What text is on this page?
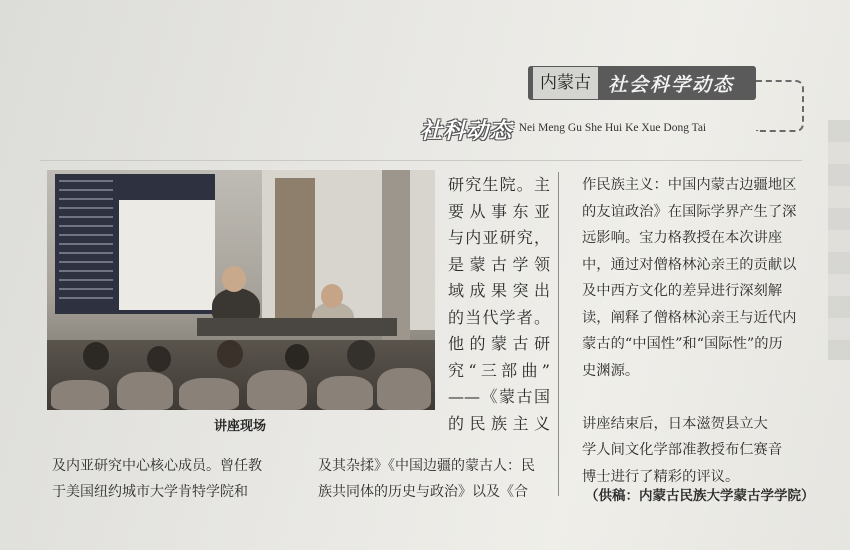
内蒙古 社会科学动态
社科动态 · Nei Meng Gu She Hui Ke Xue Dong Tai
讲座现场
研究生院。主
要从事东亚
与内亚研究，
是蒙古学领
域成果突出
的当代学者。
他的蒙古研
究“三部曲”
——《蒙古国
的民族主义
作民族主义：中国内蒙古边疆地区
的友谊政治》在国际学界产生了深
远影响。宝力格教授在本次讲座
中，通过对僧格林沁亲王的贡献以
及中西方文化的差异进行深刻解
读，阐释了僧格林沁亲王与近代内
蒙古的“中国性”和“国际性”的历
史渊源。

讲座结束后，日本滋贺县立大
学人间文化学部准教授布仁赛音
博士进行了精彩的评议。
及内亚研究中心核心成员。曾任教
于美国纽约城市大学肯特学院和
及其杂揉》《中国边疆的蒙古人：民
族共同体的历史与政治》以及《合	（供稿：内蒙古民族大学蒙古学学院）
